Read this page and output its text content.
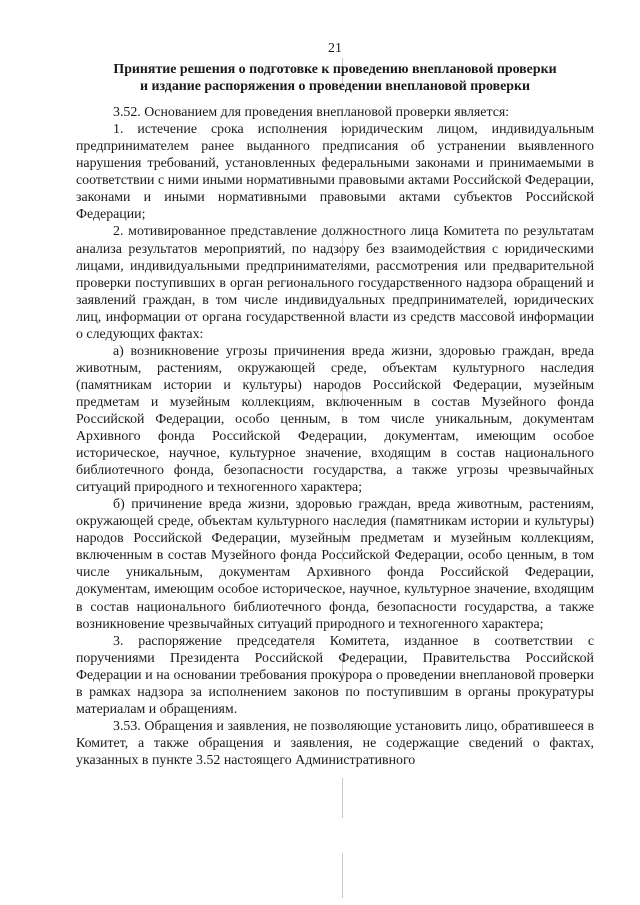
21
Принятие решения о подготовке к проведению внеплановой проверки
и издание распоряжения о проведении внеплановой проверки

3.52. Основанием для проведения внеплановой проверки является:

1. истечение срока исполнения юридическим лицом, индивидуальным предпринимателем ранее выданного предписания об устранении выявленного нарушения требований, установленных федеральными законами и принимаемыми в соответствии с ними иными нормативными правовыми актами Российской Федерации, законами и иными нормативными правовыми актами субъектов Российской Федерации;

2. мотивированное представление должностного лица Комитета по результатам анализа результатов мероприятий, по надзору без взаимодействия с юридическими лицами, индивидуальными предпринимателями, рассмотрения или предварительной проверки поступивших в орган регионального государственного надзора обращений и заявлений граждан, в том числе индивидуальных предпринимателей, юридических лиц, информации от органа государственной власти из средств массовой информации о следующих фактах:

а) возникновение угрозы причинения вреда жизни, здоровью граждан, вреда животным, растениям, окружающей среде, объектам культурного наследия (памятникам истории и культуры) народов Российской Федерации, музейным предметам и музейным коллекциям, включенным в состав Музейного фонда Российской Федерации, особо ценным, в том числе уникальным, документам Архивного фонда Российской Федерации, документам, имеющим особое историческое, научное, культурное значение, входящим в состав национального библиотечного фонда, безопасности государства, а также угрозы чрезвычайных ситуаций природного и техногенного характера;

б) причинение вреда жизни, здоровью граждан, вреда животным, растениям, окружающей среде, объектам культурного наследия (памятникам истории и культуры) народов Российской Федерации, музейным предметам и музейным коллекциям, включенным в состав Музейного фонда Российской Федерации, особо ценным, в том числе уникальным, документам Архивного фонда Российской Федерации, документам, имеющим особое историческое, научное, культурное значение, входящим в состав национального библиотечного фонда, безопасности государства, а также возникновение чрезвычайных ситуаций природного и техногенного характера;

3. распоряжение председателя Комитета, изданное в соответствии с поручениями Президента Российской Федерации, Правительства Российской Федерации и на основании требования прокурора о проведении внеплановой проверки в рамках надзора за исполнением законов по поступившим в органы прокуратуры материалам и обращениям.

3.53. Обращения и заявления, не позволяющие установить лицо, обратившееся в Комитет, а также обращения и заявления, не содержащие сведений о фактах, указанных в пункте 3.52 настоящего Административного
